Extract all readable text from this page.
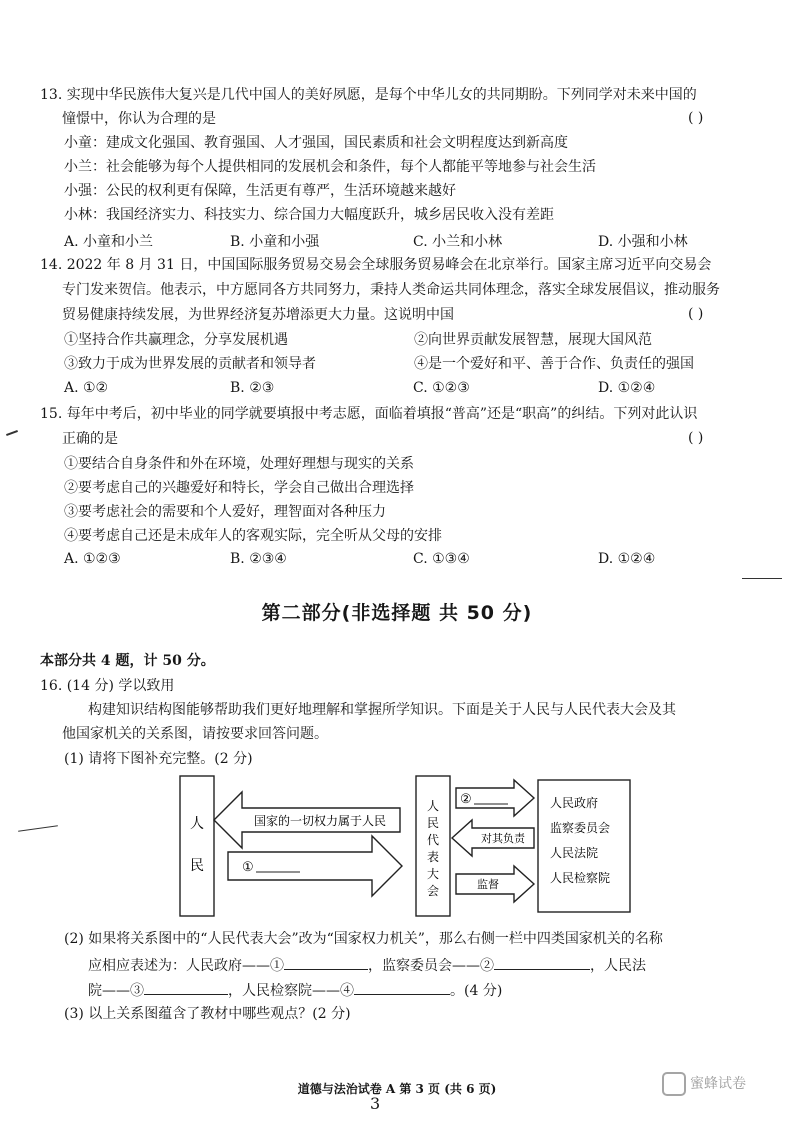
13. 实现中华民族伟大复兴是几代中国人的美好夙愿，是每个中华儿女的共同期盼。下列同学对未来中国的
憧憬中，你认为合理的是	( )
小童：建成文化强国、教育强国、人才强国，国民素质和社会文明程度达到新高度
小兰：社会能够为每个人提供相同的发展机会和条件，每个人都能平等地参与社会生活
小强：公民的权利更有保障，生活更有尊严，生活环境越来越好
小林：我国经济实力、科技实力、综合国力大幅度跃升，城乡居民收入没有差距
A. 小童和小兰	B. 小童和小强	C. 小兰和小林	D. 小强和小林
14. 2022 年 8 月 31 日，中国国际服务贸易交易会全球服务贸易峰会在北京举行。国家主席习近平向交易会
专门发来贺信。他表示，中方愿同各方共同努力，秉持人类命运共同体理念，落实全球发展倡议，推动服务
贸易健康持续发展，为世界经济复苏增添更大力量。这说明中国	( )
①坚持合作共赢理念，分享发展机遇	②向世界贡献发展智慧，展现大国风范
③致力于成为世界发展的贡献者和领导者	④是一个爱好和平、善于合作、负责任的强国
A. ①②	B. ②③	C. ①②③	D. ①②④
15. 每年中考后，初中毕业的同学就要填报中考志愿，面临着填报“普高”还是“职高”的纠结。下列对此认识
正确的是	( )
①要结合自身条件和外在环境，处理好理想与现实的关系
②要考虑自己的兴趣爱好和特长，学会自己做出合理选择
③要考虑社会的需要和个人爱好，理智面对各种压力
④要考虑自己还是未成年人的客观实际，完全听从父母的安排
A. ①②③	B. ②③④	C. ①③④	D. ①②④
第二部分(非选择题 共 50 分)
本部分共 4 题，计 50 分。
16. (14 分) 学以致用
构建知识结构图能够帮助我们更好地理解和掌握所学知识。下面是关于人民与人民代表大会及其
他国家机关的关系图，请按要求回答问题。
(1) 请将下图补充完整。(2 分)
人
民
国家的一切权力属于人民
①
人
民
代
表
大
会
②
对其负责
监督
人民政府
监察委员会
人民法院
人民检察院
(2) 如果将关系图中的“人民代表大会”改为“国家权力机关”，那么右侧一栏中四类国家机关的名称
应相应表述为：人民政府——①	，监察委员会——②	，人民法
院——③	，人民检察院——④	。(4 分)
(3) 以上关系图蕴含了教材中哪些观点？(2 分)
道德与法治试卷 A 第 3 页 (共 6 页)
3
蜜蜂试卷
